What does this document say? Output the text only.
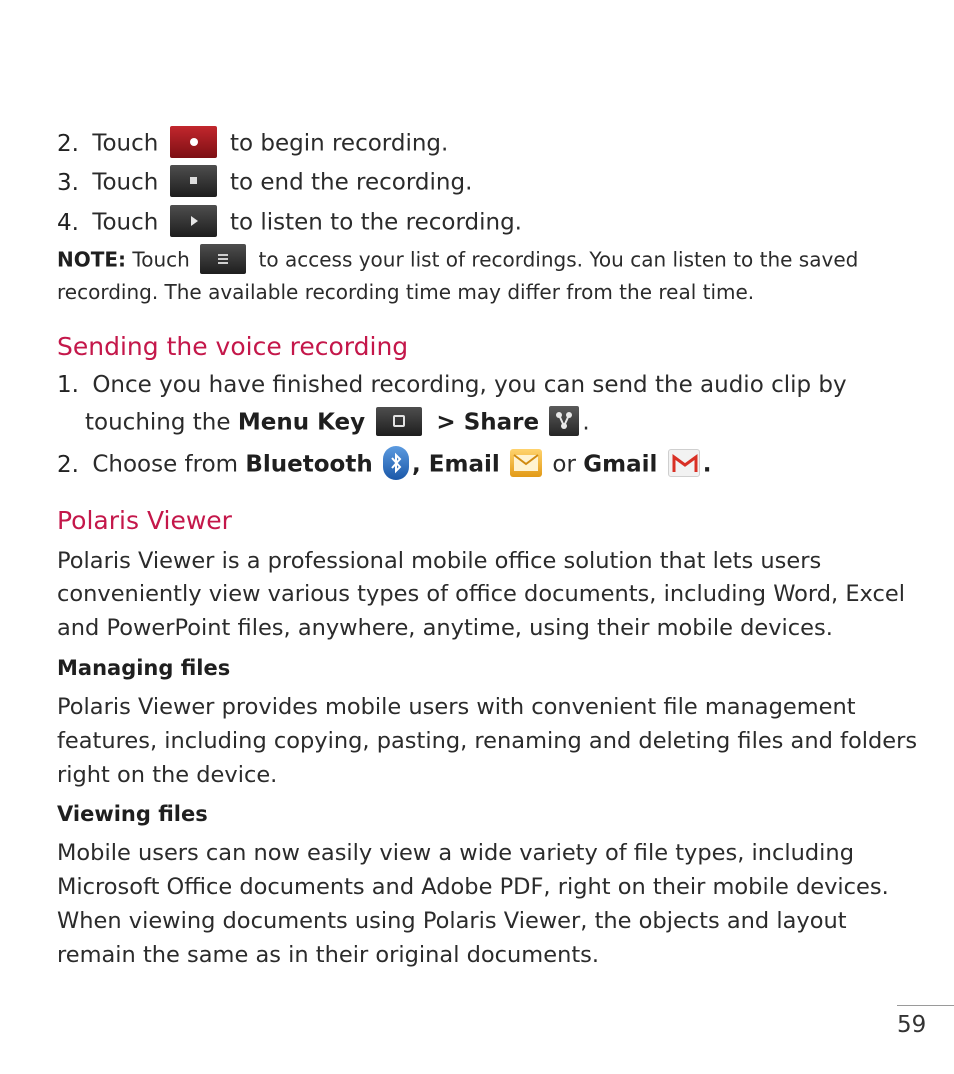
2. Touch	to begin recording.
3. Touch	to end the recording.
4. Touch	to listen to the recording.
NOTE: Touch	to access your list of recordings. You can listen to the saved
recording. The available recording time may differ from the real time.
Sending the voice recording
1. Once you have finished recording, you can send the audio clip by
touching the Menu Key	> Share .
2. Choose from Bluetooth , Email
or Gmail .
Polaris Viewer
Polaris Viewer is a professional mobile office solution that lets users
conveniently view various types of office documents, including Word, Excel
and PowerPoint files, anywhere, anytime, using their mobile devices.
Managing files
Polaris Viewer provides mobile users with convenient file management
features, including copying, pasting, renaming and deleting files and folders
right on the device.
Viewing files
Mobile users can now easily view a wide variety of file types, including
Microsoft Office documents and Adobe PDF, right on their mobile devices.
When viewing documents using Polaris Viewer, the objects and layout
remain the same as in their original documents.
59
